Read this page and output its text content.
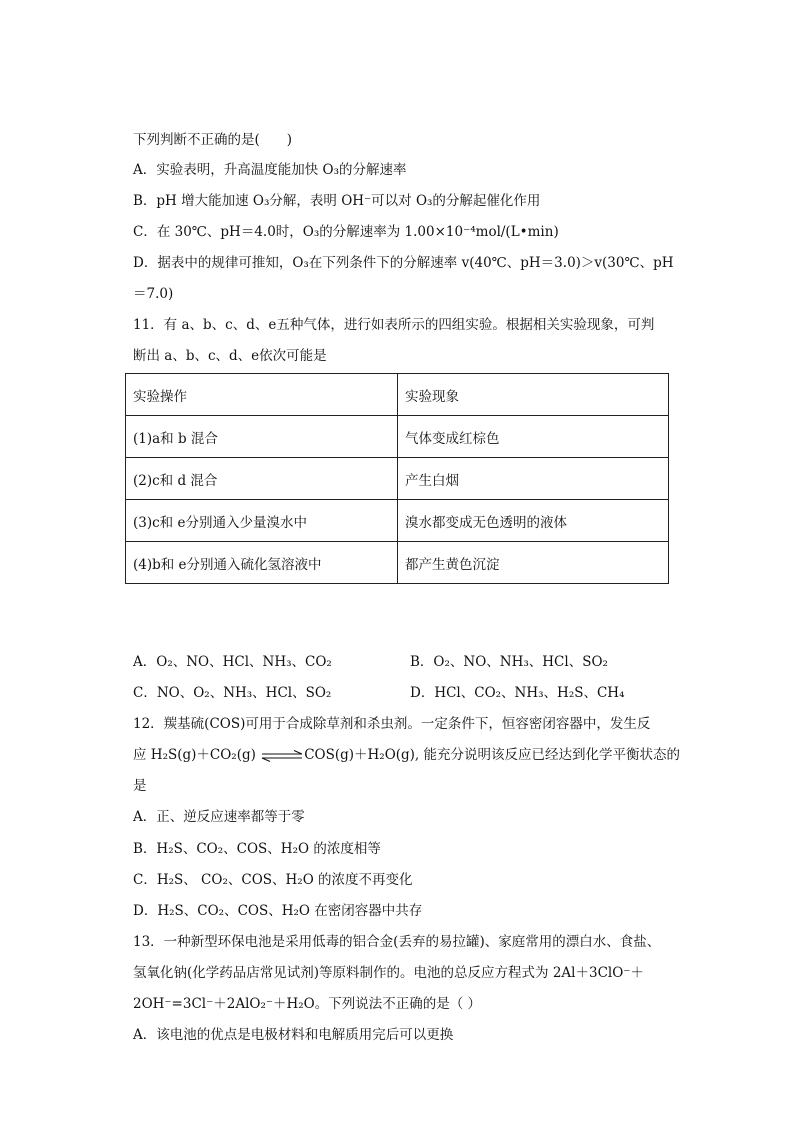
下列判断不正确的是(　　)
A．实验表明，升高温度能加快 O₃的分解速率
B．pH 增大能加速 O₃分解，表明 OH⁻可以对 O₃的分解起催化作用
C．在 30℃、pH＝4.0时，O₃的分解速率为 1.00×10⁻⁴mol/(L•min)
D．据表中的规律可推知，O₃在下列条件下的分解速率 v(40℃、pH＝3.0)＞v(30℃、pH
＝7.0)
11．有 a、b、c、d、e五种气体，进行如表所示的四组实验。根据相关实验现象，可判
断出 a、b、c、d、e依次可能是
实验操作	实验现象
(1)a和 b 混合	气体变成红棕色
(2)c和 d 混合	产生白烟
(3)c和 e分别通入少量溴水中	溴水都变成无色透明的液体
(4)b和 e分别通入硫化氢溶液中	都产生黄色沉淀
A．O₂、NO、HCl、NH₃、CO₂	B．O₂、NO、NH₃、HCl、SO₂
C．NO、O₂、NH₃、HCl、SO₂	D．HCl、CO₂、NH₃、H₂S、CH₄
12．羰基硫(COS)可用于合成除草剂和杀虫剂。一定条件下，恒容密闭容器中，发生反
应 H₂S(g)＋CO₂(g) ⇌COS(g)＋H₂O(g), 能充分说明该反应已经达到化学平衡状态的
是
A．正、逆反应速率都等于零
B．H₂S、CO₂、COS、H₂O 的浓度相等
C．H₂S、 CO₂、COS、H₂O 的浓度不再变化
D．H₂S、CO₂、COS、H₂O 在密闭容器中共存
13．一种新型环保电池是采用低毒的铝合金(丢弃的易拉罐)、家庭常用的漂白水、食盐、
氢氧化钠(化学药品店常见试剂)等原料制作的。电池的总反应方程式为 2Al＋3ClO⁻＋
2OH⁻=3Cl⁻＋2AlO₂⁻＋H₂O。下列说法不正确的是（ ）
A．该电池的优点是电极材料和电解质用完后可以更换
